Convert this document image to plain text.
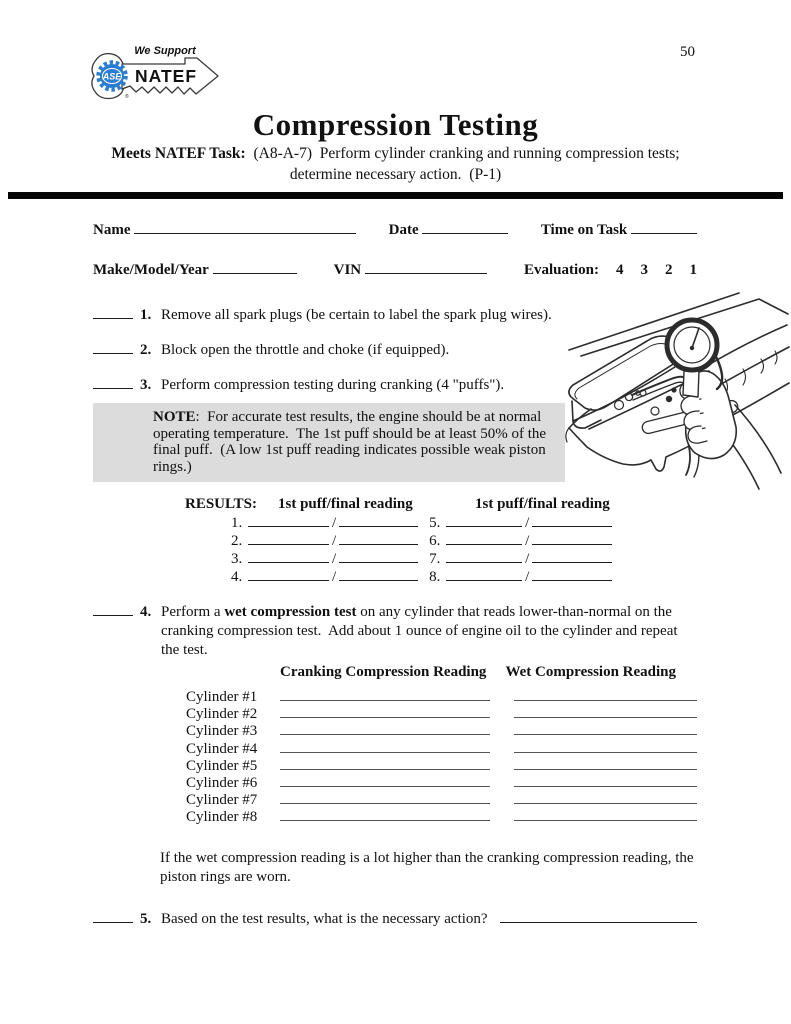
50
ASE
We Support
NATEF
®
Compression Testing
Meets NATEF Task:  (A8-A-7)  Perform cylinder cranking and running compression tests;
determine necessary action.  (P-1)
Name	Date	Time on Task
Make/Model/Year	VIN	Evaluation: 4 3 2 1
1. Remove all spark plugs (be certain to label the spark plug wires).
2. Block open the throttle and choke (if equipped).
3. Perform compression testing during cranking (4 "puffs").
NOTE:  For accurate test results, the engine should be at normal operating temperature.  The 1st puff should be at least 50% of the final puff.  (A low 1st puff reading indicates possible weak piston rings.)
RESULTS: 1st puff/final reading	1st puff/final reading
1.	/	5.	/
2.	/	6.	/
3.	/	7.	/
4.	/	8.	/
4. Perform a wet compression test on any cylinder that reads lower-than-normal on the cranking compression test.  Add about 1 ounce of engine oil to the cylinder and repeat the test.
Cranking Compression Reading Wet Compression Reading
Cylinder #1
Cylinder #2
Cylinder #3
Cylinder #4
Cylinder #5
Cylinder #6
Cylinder #7
Cylinder #8
If the wet compression reading is a lot higher than the cranking compression reading, the piston rings are worn.
5. Based on the test results, what is the necessary action?
